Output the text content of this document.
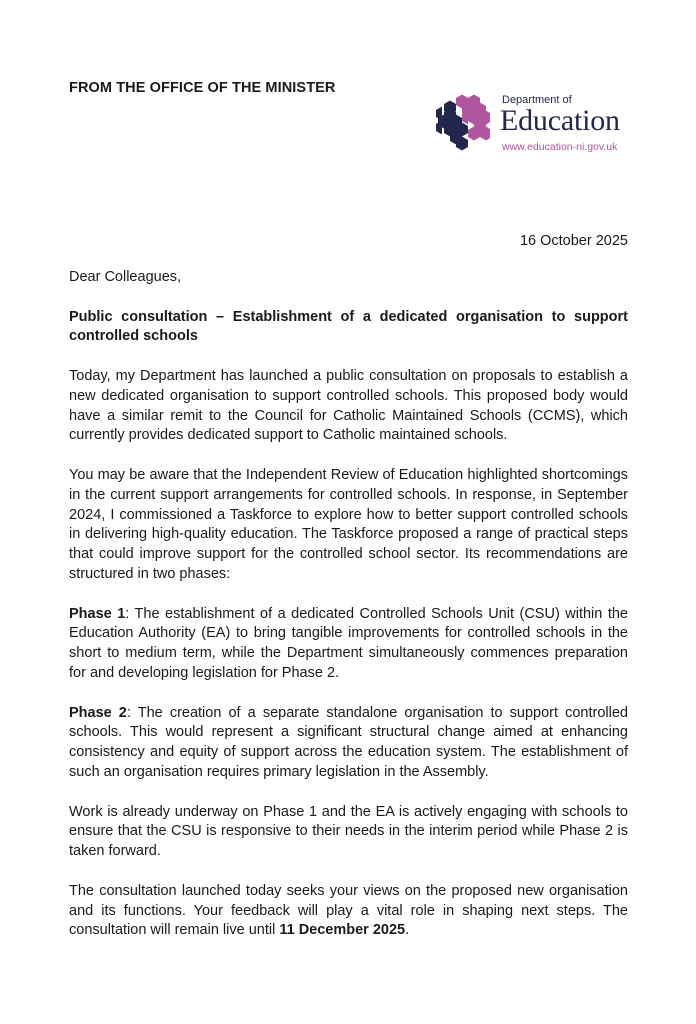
FROM THE OFFICE OF THE MINISTER
Department of
Education
www.education-ni.gov.uk
16 October 2025

Dear Colleagues,

Public consultation – Establishment of a dedicated organisation to support controlled schools

Today, my Department has launched a public consultation on proposals to establish a new dedicated organisation to support controlled schools. This proposed body would have a similar remit to the Council for Catholic Maintained Schools (CCMS), which currently provides dedicated support to Catholic maintained schools.

You may be aware that the Independent Review of Education highlighted shortcomings in the current support arrangements for controlled schools. In response, in September 2024, I commissioned a Taskforce to explore how to better support controlled schools in delivering high-quality education. The Taskforce proposed a range of practical steps that could improve support for the controlled school sector. Its recommendations are structured in two phases:

Phase 1: The establishment of a dedicated Controlled Schools Unit (CSU) within the Education Authority (EA) to bring tangible improvements for controlled schools in the short to medium term, while the Department simultaneously commences preparation for and developing legislation for Phase 2.

Phase 2: The creation of a separate standalone organisation to support controlled schools. This would represent a significant structural change aimed at enhancing consistency and equity of support across the education system. The establishment of such an organisation requires primary legislation in the Assembly.

Work is already underway on Phase 1 and the EA is actively engaging with schools to ensure that the CSU is responsive to their needs in the interim period while Phase 2 is taken forward.

The consultation launched today seeks your views on the proposed new organisation and its functions. Your feedback will play a vital role in shaping next steps. The consultation will remain live until 11 December 2025.
